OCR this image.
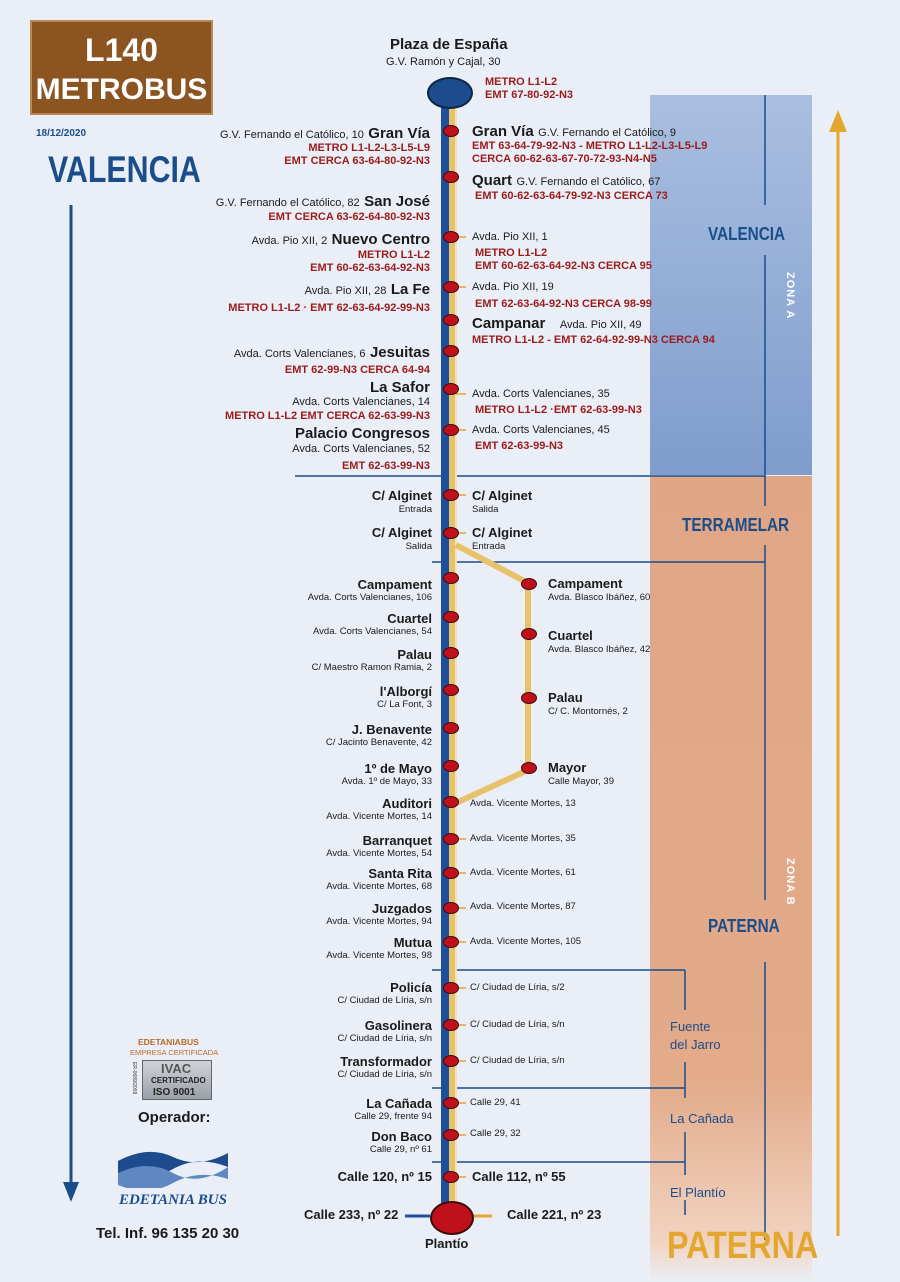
L140
METROBUS
18/12/2020
VALENCIA
Plaza de España
G.V. Ramón y Cajal, 30
METRO L1-L2
EMT 67-80-92-N3
G.V. Fernando el Católico, 10 Gran Vía
METRO L1-L2-L3-L5-L9
EMT CERCA 63-64-80-92-N3
G.V. Fernando el Católico, 82 San José
EMT CERCA 63-62-64-80-92-N3
Avda. Pio XII, 2 Nuevo Centro
METRO L1-L2
EMT 60-62-63-64-92-N3
Avda. Pio XII, 28 La Fe
METRO L1-L2 · EMT 62-63-64-92-99-N3
Avda. Corts Valencianes, 6 Jesuitas
EMT 62-99-N3 CERCA 64-94
La Safor
Avda. Corts Valencianes, 14
METRO L1-L2 EMT CERCA 62-63-99-N3
Palacio Congresos
Avda. Corts Valencianes, 52
EMT 62-63-99-N3
Gran Vía G.V. Fernando el Católico, 9
EMT 63-64-79-92-N3 - METRO L1-L2-L3-L5-L9
CERCA 60-62-63-67-70-72-93-N4-N5
Quart G.V. Fernando el Católico, 67
EMT 60-62-63-64-79-92-N3 CERCA 73
Avda. Pio XII, 1
METRO L1-L2
EMT 60-62-63-64-92-N3 CERCA 95
Avda. Pio XII, 19
EMT 62-63-64-92-N3 CERCA 98-99
Campanar Avda. Pio XII, 49
METRO L1-L2 - EMT 62-64-92-99-N3 CERCA 94
Avda. Corts Valencianes, 35
METRO L1-L2 ·EMT 62-63-99-N3
Avda. Corts Valencianes, 45
EMT 62-63-99-N3
C/ Alginet
Entrada
C/ Alginet
Salida
C/ Alginet
Salida
C/ Alginet
Entrada
Campament
Avda. Corts Valencianes, 106
Cuartel
Avda. Corts Valencianes, 54
Palau
C/ Maestro Ramon Ramia, 2
l'Alborgí
C/ La Font, 3
J. Benavente
C/ Jacinto Benavente, 42
1º de Mayo
Avda. 1º de Mayo, 33
Auditori
Avda. Vicente Mortes, 14
Barranquet
Avda. Vicente Mortes, 54
Santa Rita
Avda. Vicente Mortes, 68
Juzgados
Avda. Vicente Mortes, 94
Mutua
Avda. Vicente Mortes, 98
Policía
C/ Ciudad de Líria, s/n
Gasolinera
C/ Ciudad de Líria, s/n
Transformador
C/ Ciudad de Líria, s/n
La Cañada
Calle 29, frente 94
Don Baco
Calle 29, nº 61
Campament
Avda. Blasco Ibáñez, 60
Cuartel
Avda. Blasco Ibáñez, 42
Palau
C/ C. Montornés, 2
Mayor
Calle Mayor, 39
Avda. Vicente Mortes, 13
Avda. Vicente Mortes, 35
Avda. Vicente Mortes, 61
Avda. Vicente Mortes, 87
Avda. Vicente Mortes, 105
C/ Ciudad de Líria, s/2
C/ Ciudad de Líria, s/n
C/ Ciudad de Líria, s/n
Calle 29, 41
Calle 29, 32
Calle 120, nº 15	Calle 112, nº 55
Calle 233, nº 22	Calle 221, nº 23
Plantío
VALENCIA
ZONA A
TERRAMELAR
ZONA B
PATERNA
Fuente
del Jarro
La Cañada
El Plantío
PATERNA
EDETANIABUS
EMPRESA CERTIFICADA
IVAC
CERTIFICADO
ISO 9001
ER-0689/2009
Operador:
EDETANIA BUS
Tel. Inf. 96 135 20 30
